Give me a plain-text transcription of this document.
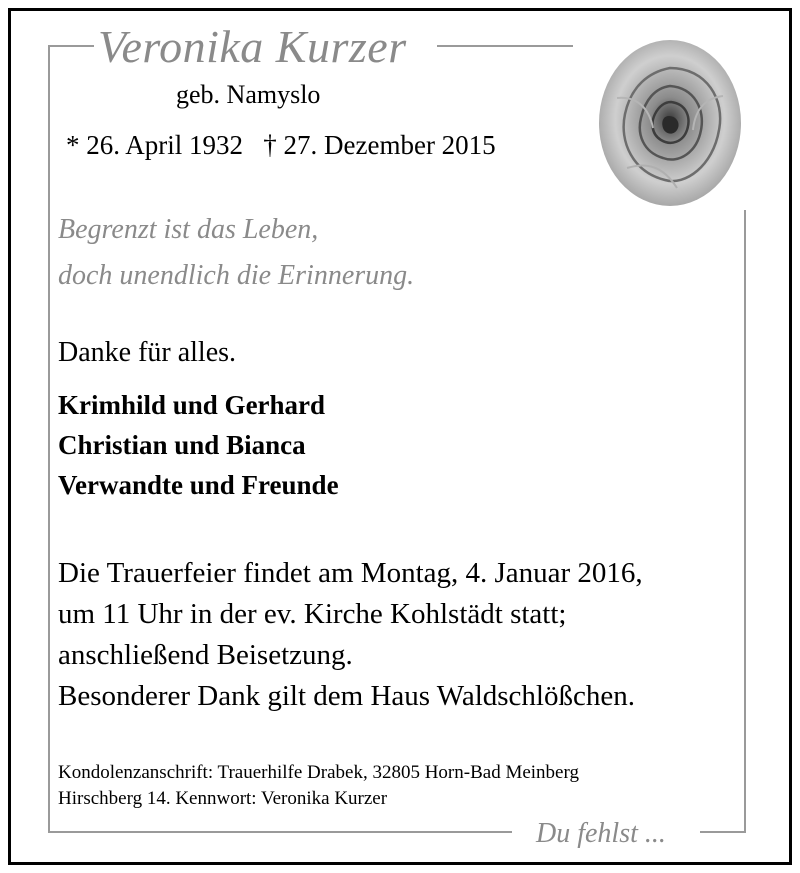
Veronika Kurzer
geb. Namyslo
* 26. April 1932   † 27. Dezember 2015
Begrenzt ist das Leben,
doch unendlich die Erinnerung.
Danke für alles.
Krimhild und Gerhard
Christian und Bianca
Verwandte und Freunde
Die Trauerfeier findet am Montag, 4. Januar 2016,
um 11 Uhr in der ev. Kirche Kohlstädt statt;
anschließend Beisetzung.
Besonderer Dank gilt dem Haus Waldschlößchen.
Kondolenzanschrift: Trauerhilfe Drabek, 32805 Horn-Bad Meinberg
Hirschberg 14. Kennwort: Veronika Kurzer
Du fehlst ...
